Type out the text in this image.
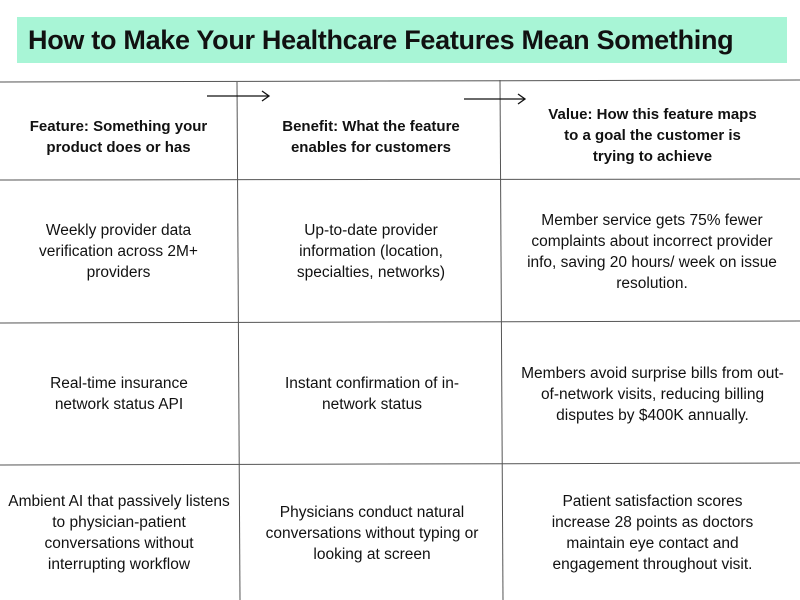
How to Make Your Healthcare Features Mean Something
Feature: Something your product does or has
Benefit: What the feature enables for customers
Value: How this feature maps to a goal the customer is trying to achieve
Weekly provider data verification across 2M+ providers
Up-to-date provider information (location, specialties, networks)
Member service gets 75% fewer complaints about incorrect provider info, saving 20 hours/ week on issue resolution.
Real-time insurance network status API
Instant confirmation of in-network status
Members avoid surprise bills from out-of-network visits, reducing billing disputes by $400K annually.
Ambient AI that passively listens to physician-patient conversations without interrupting workflow
Physicians conduct natural conversations without typing or looking at screen
Patient satisfaction scores increase 28 points as doctors maintain eye contact and engagement throughout visit.
